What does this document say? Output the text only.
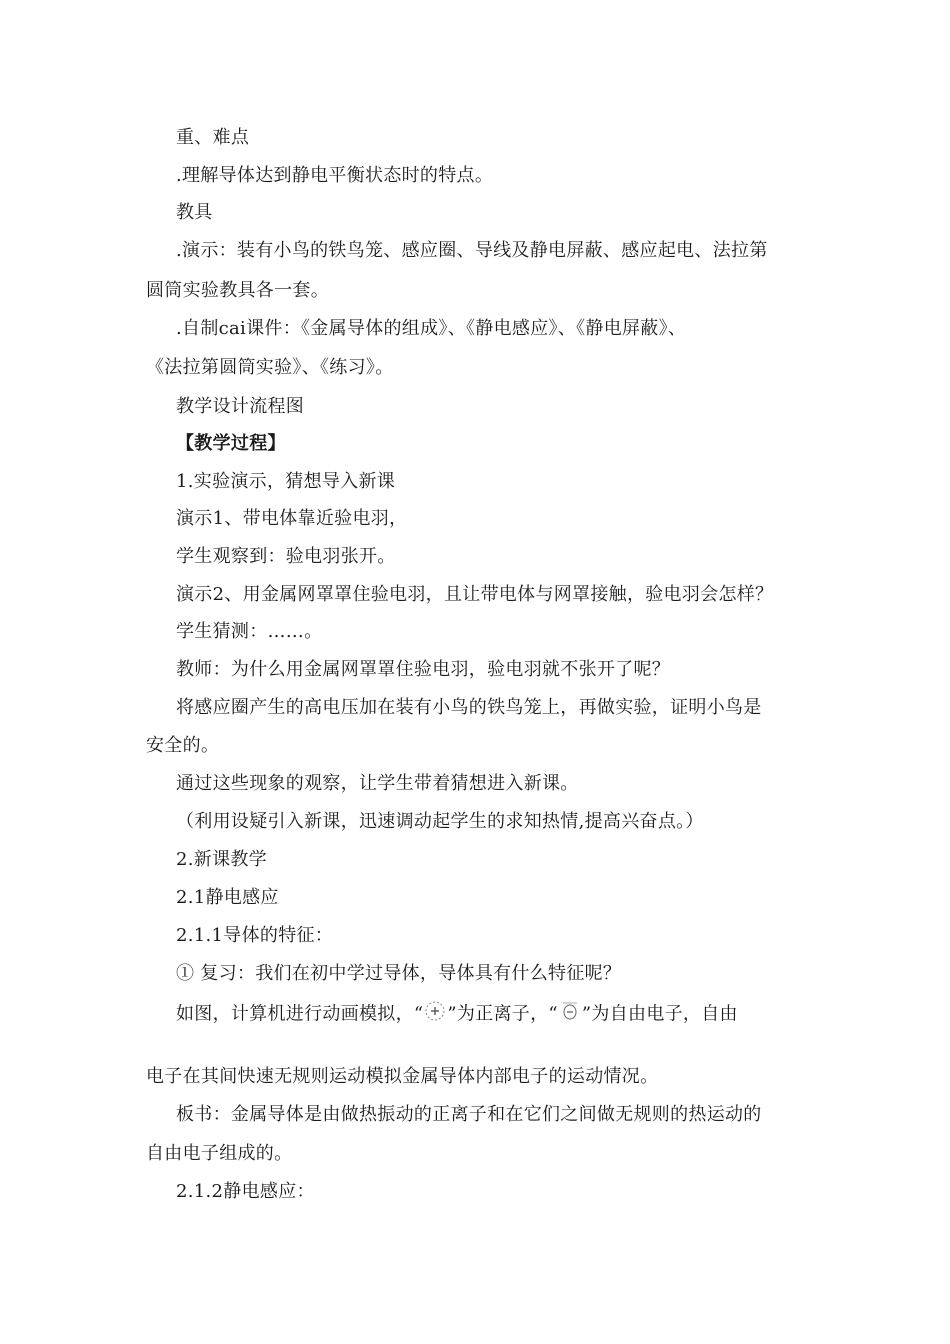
重、难点
.理解导体达到静电平衡状态时的特点。
教具
.演示：装有小鸟的铁鸟笼、感应圈、导线及静电屏蔽、感应起电、法拉第
圆筒实验教具各一套。
.自制cai课件：《金属导体的组成》、《静电感应》、《静电屏蔽》、
《法拉第圆筒实验》、《练习》。
教学设计流程图
【教学过程】
1.实验演示，猜想导入新课
演示1、带电体靠近验电羽，
学生观察到：验电羽张开。
演示2、用金属网罩罩住验电羽，且让带电体与网罩接触，验电羽会怎样？
学生猜测：……。
教师：为什么用金属网罩罩住验电羽，验电羽就不张开了呢？
将感应圈产生的高电压加在装有小鸟的铁鸟笼上，再做实验，证明小鸟是
安全的。
通过这些现象的观察，让学生带着猜想进入新课。
（利用设疑引入新课，迅速调动起学生的求知热情,提高兴奋点。）
2.新课教学
2.1静电感应
2.1.1导体的特征：
① 复习：我们在初中学过导体，导体具有什么特征呢？
如图，计算机进行动画模拟，“ ”为正离子，“ ”为自由电子，自由
电子在其间快速无规则运动模拟金属导体内部电子的运动情况。
板书：金属导体是由做热振动的正离子和在它们之间做无规则的热运动的
自由电子组成的。
2.1.2静电感应：
